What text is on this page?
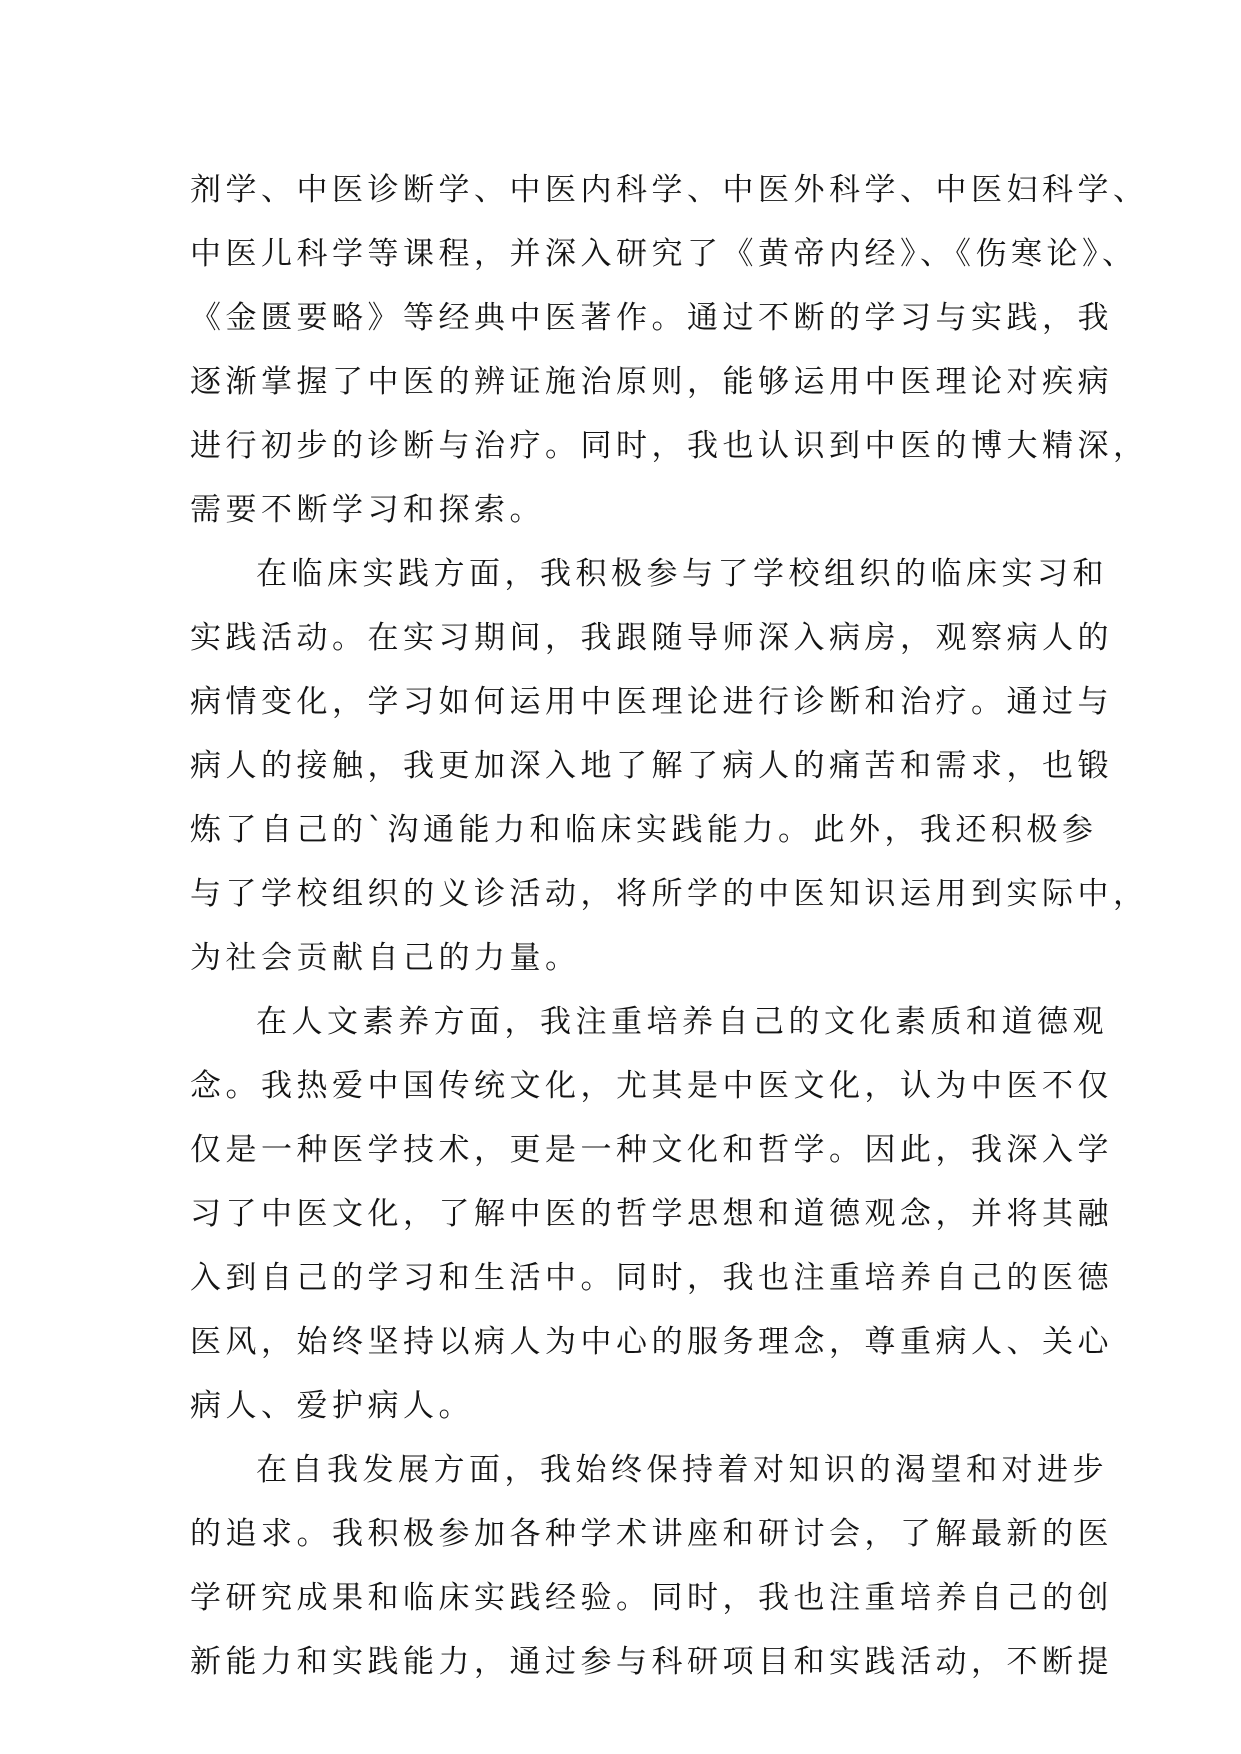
剂学、中医诊断学、中医内科学、中医外科学、中医妇科学、
中医儿科学等课程，并深入研究了《黄帝内经》、《伤寒论》、
《金匮要略》等经典中医著作。通过不断的学习与实践，我
逐渐掌握了中医的辨证施治原则，能够运用中医理论对疾病
进行初步的诊断与治疗。同时，我也认识到中医的博大精深，
需要不断学习和探索。
在临床实践方面，我积极参与了学校组织的临床实习和
实践活动。在实习期间，我跟随导师深入病房，观察病人的
病情变化，学习如何运用中医理论进行诊断和治疗。通过与
病人的接触，我更加深入地了解了病人的痛苦和需求，也锻
炼了自己的`沟通能力和临床实践能力。此外，我还积极参
与了学校组织的义诊活动，将所学的中医知识运用到实际中，
为社会贡献自己的力量。
在人文素养方面，我注重培养自己的文化素质和道德观
念。我热爱中国传统文化，尤其是中医文化，认为中医不仅
仅是一种医学技术，更是一种文化和哲学。因此，我深入学
习了中医文化，了解中医的哲学思想和道德观念，并将其融
入到自己的学习和生活中。同时，我也注重培养自己的医德
医风，始终坚持以病人为中心的服务理念，尊重病人、关心
病人、爱护病人。
在自我发展方面，我始终保持着对知识的渴望和对进步
的追求。我积极参加各种学术讲座和研讨会，了解最新的医
学研究成果和临床实践经验。同时，我也注重培养自己的创
新能力和实践能力，通过参与科研项目和实践活动，不断提
